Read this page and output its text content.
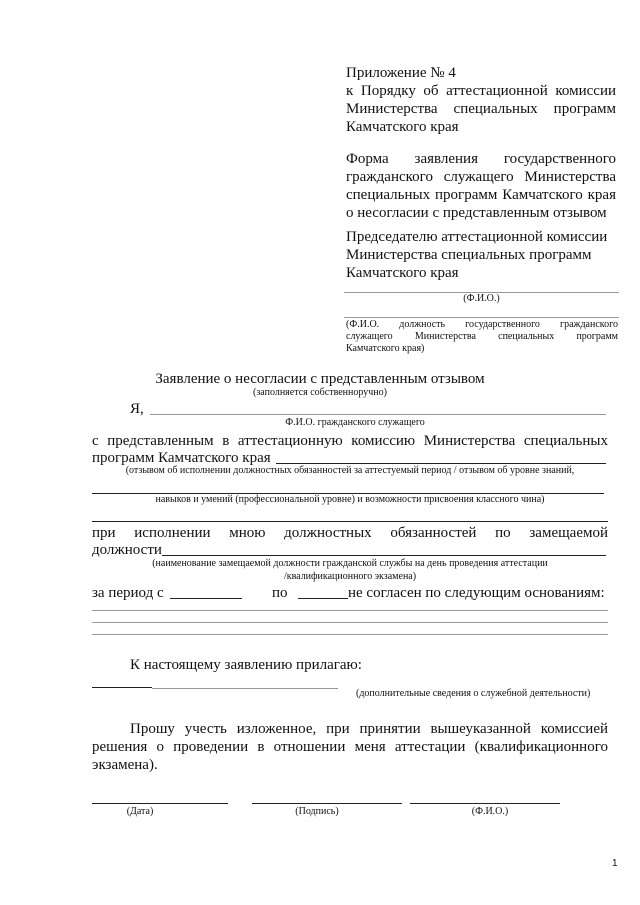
Приложение № 4
к Порядку об аттестационной комиссии
Министерства специальных программ
Камчатского края
Форма заявления государственного
гражданского служащего Министерства
специальных программ Камчатского края
о несогласии с представленным отзывом
Председателю аттестационной комиссии
Министерства специальных программ
Камчатского края
(Ф.И.О.)
(Ф.И.О. должность государственного гражданского
служащего Министерства специальных программ
Камчатского края)
Заявление о несогласии с представленным отзывом
(заполняется собственноручно)
Я,
Ф.И.О. гражданского служащего
с представленным в аттестационную комиссию Министерства специальных
программ Камчатского края
(отзывом об исполнении должностных обязанностей за аттестуемый период / отзывом об уровне знаний,
навыков и умений (профессиональной уровне) и возможности присвоения классного чина)
при исполнении мною должностных обязанностей по замещаемой
должности
(наименование замещаемой должности гражданской службы на день проведения аттестации
/квалификационного экзамена)
за период с	по	не согласен по следующим основаниям:
К настоящему заявлению прилагаю:
(дополнительные сведения о служебной деятельности)
Прошу учесть изложенное, при принятии вышеуказанной комиссией
решения о проведении в отношении меня аттестации (квалификационного
экзамена).
(Дата)	(Подпись)	(Ф.И.О.)
1
